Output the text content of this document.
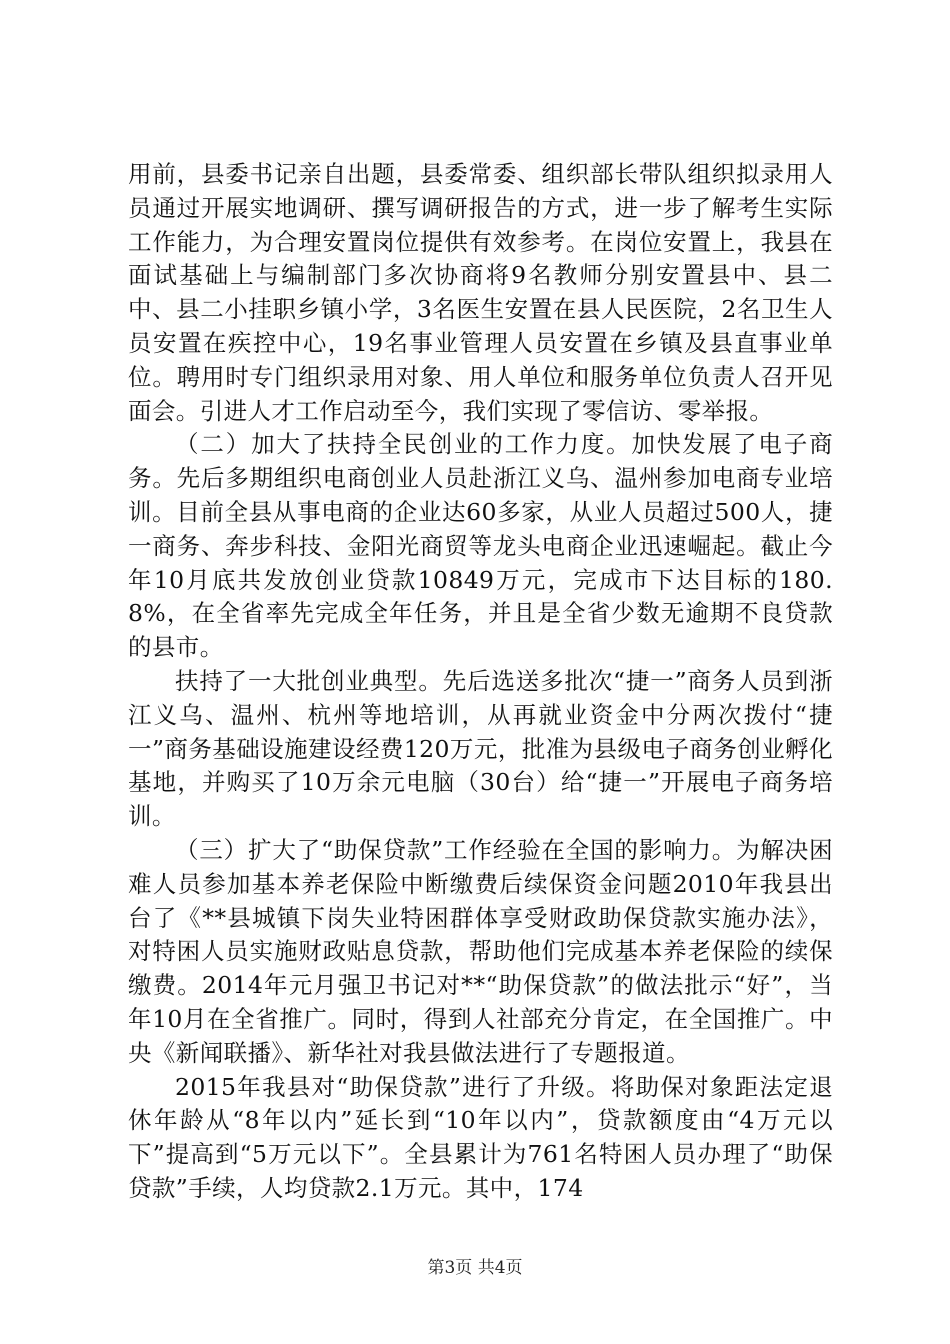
用前，县委书记亲自出题，县委常委、组织部长带队组织拟录用人员通过开展实地调研、撰写调研报告的方式，进一步了解考生实际工作能力，为合理安置岗位提供有效参考。在岗位安置上，我县在面试基础上与编制部门多次协商将9名教师分别安置县中、县二中、县二小挂职乡镇小学，3名医生安置在县人民医院，2名卫生人员安置在疾控中心，19名事业管理人员安置在乡镇及县直事业单位。聘用时专门组织录用对象、用人单位和服务单位负责人召开见面会。引进人才工作启动至今，我们实现了零信访、零举报。

（二）加大了扶持全民创业的工作力度。加快发展了电子商务。先后多期组织电商创业人员赴浙江义乌、温州参加电商专业培训。目前全县从事电商的企业达60多家，从业人员超过500人，捷一商务、奔步科技、金阳光商贸等龙头电商企业迅速崛起。截止今年10月底共发放创业贷款10849万元，完成市下达目标的180.8%，在全省率先完成全年任务，并且是全省少数无逾期不良贷款的县市。

扶持了一大批创业典型。先后选送多批次“捷一”商务人员到浙江义乌、温州、杭州等地培训，从再就业资金中分两次拨付“捷一”商务基础设施建设经费120万元，批准为县级电子商务创业孵化基地，并购买了10万余元电脑（30台）给“捷一”开展电子商务培训。

（三）扩大了“助保贷款”工作经验在全国的影响力。为解决困难人员参加基本养老保险中断缴费后续保资金问题2010年我县出台了《**县城镇下岗失业特困群体享受财政助保贷款实施办法》，对特困人员实施财政贴息贷款，帮助他们完成基本养老保险的续保缴费。2014年元月强卫书记对**“助保贷款”的做法批示“好”，当年10月在全省推广。同时，得到人社部充分肯定，在全国推广。中央《新闻联播》、新华社对我县做法进行了专题报道。

2015年我县对“助保贷款”进行了升级。将助保对象距法定退休年龄从“8年以内”延长到“10年以内”，贷款额度由“4万元以下”提高到“5万元以下”。全县累计为761名特困人员办理了“助保贷款”手续，人均贷款2.1万元。其中，174

第3页 共4页
